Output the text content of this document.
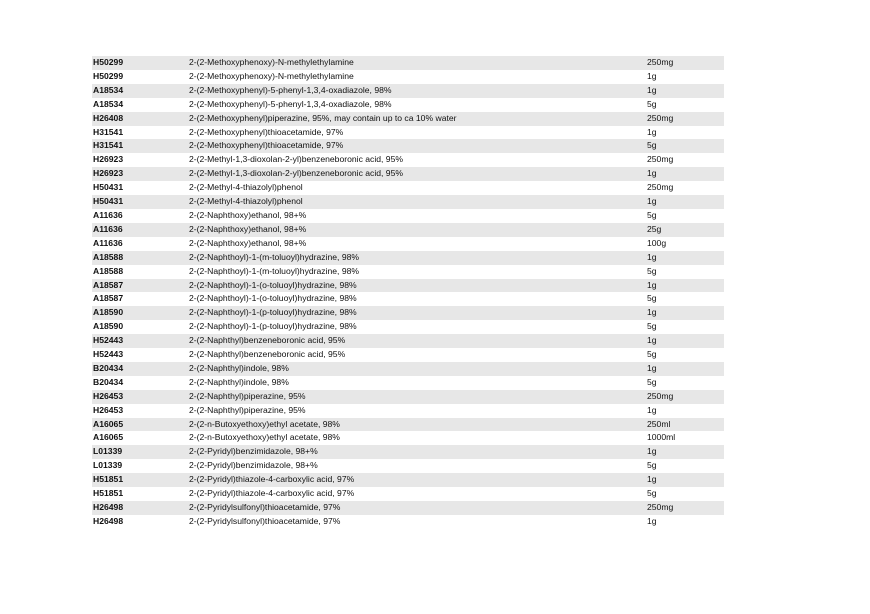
H50299	2-(2-Methoxyphenoxy)-N-methylethylamine	250mg
H50299	2-(2-Methoxyphenoxy)-N-methylethylamine	1g
A18534	2-(2-Methoxyphenyl)-5-phenyl-1,3,4-oxadiazole, 98%	1g
A18534	2-(2-Methoxyphenyl)-5-phenyl-1,3,4-oxadiazole, 98%	5g
H26408	2-(2-Methoxyphenyl)piperazine, 95%, may contain up to ca 10% water	250mg
H31541	2-(2-Methoxyphenyl)thioacetamide, 97%	1g
H31541	2-(2-Methoxyphenyl)thioacetamide, 97%	5g
H26923	2-(2-Methyl-1,3-dioxolan-2-yl)benzeneboronic acid, 95%	250mg
H26923	2-(2-Methyl-1,3-dioxolan-2-yl)benzeneboronic acid, 95%	1g
H50431	2-(2-Methyl-4-thiazolyl)phenol	250mg
H50431	2-(2-Methyl-4-thiazolyl)phenol	1g
A11636	2-(2-Naphthoxy)ethanol, 98+%	5g
A11636	2-(2-Naphthoxy)ethanol, 98+%	25g
A11636	2-(2-Naphthoxy)ethanol, 98+%	100g
A18588	2-(2-Naphthoyl)-1-(m-toluoyl)hydrazine, 98%	1g
A18588	2-(2-Naphthoyl)-1-(m-toluoyl)hydrazine, 98%	5g
A18587	2-(2-Naphthoyl)-1-(o-toluoyl)hydrazine, 98%	1g
A18587	2-(2-Naphthoyl)-1-(o-toluoyl)hydrazine, 98%	5g
A18590	2-(2-Naphthoyl)-1-(p-toluoyl)hydrazine, 98%	1g
A18590	2-(2-Naphthoyl)-1-(p-toluoyl)hydrazine, 98%	5g
H52443	2-(2-Naphthyl)benzeneboronic acid, 95%	1g
H52443	2-(2-Naphthyl)benzeneboronic acid, 95%	5g
B20434	2-(2-Naphthyl)indole, 98%	1g
B20434	2-(2-Naphthyl)indole, 98%	5g
H26453	2-(2-Naphthyl)piperazine, 95%	250mg
H26453	2-(2-Naphthyl)piperazine, 95%	1g
A16065	2-(2-n-Butoxyethoxy)ethyl acetate, 98%	250ml
A16065	2-(2-n-Butoxyethoxy)ethyl acetate, 98%	1000ml
L01339	2-(2-Pyridyl)benzimidazole, 98+%	1g
L01339	2-(2-Pyridyl)benzimidazole, 98+%	5g
H51851	2-(2-Pyridyl)thiazole-4-carboxylic acid, 97%	1g
H51851	2-(2-Pyridyl)thiazole-4-carboxylic acid, 97%	5g
H26498	2-(2-Pyridylsulfonyl)thioacetamide, 97%	250mg
H26498	2-(2-Pyridylsulfonyl)thioacetamide, 97%	1g
